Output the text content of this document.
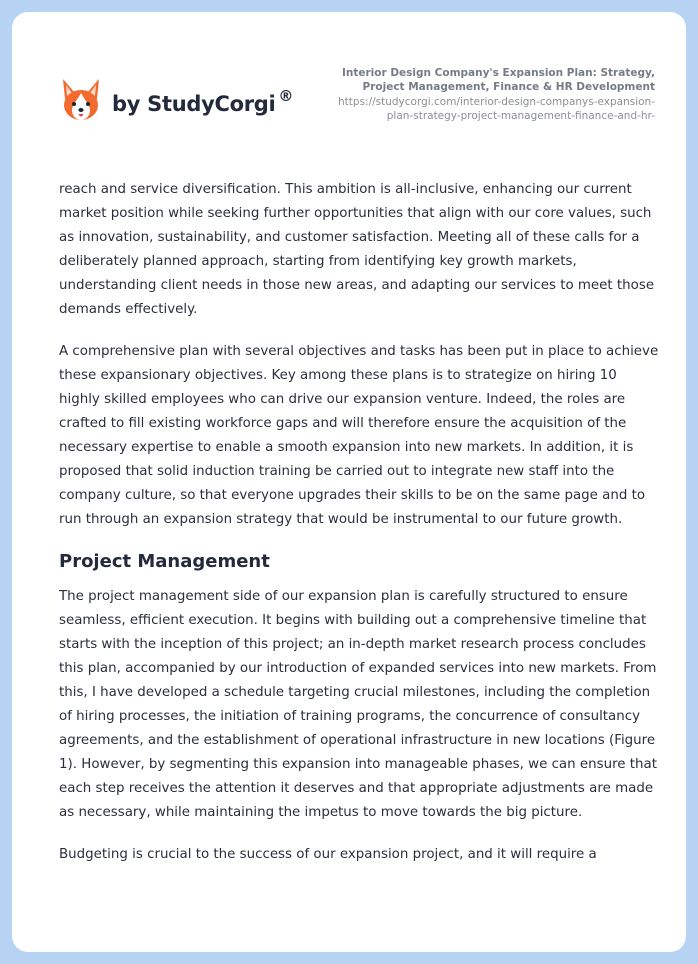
by StudyCorgi ®
Interior Design Company's Expansion Plan: Strategy, Project Management, Finance & HR Development
https://studycorgi.com/interior-design-companys-expansion-plan-strategy-project-management-finance-and-hr-

reach and service diversification. This ambition is all-inclusive, enhancing our current market position while seeking further opportunities that align with our core values, such as innovation, sustainability, and customer satisfaction. Meeting all of these calls for a deliberately planned approach, starting from identifying key growth markets, understanding client needs in those new areas, and adapting our services to meet those demands effectively.

A comprehensive plan with several objectives and tasks has been put in place to achieve these expansionary objectives. Key among these plans is to strategize on hiring 10 highly skilled employees who can drive our expansion venture. Indeed, the roles are crafted to fill existing workforce gaps and will therefore ensure the acquisition of the necessary expertise to enable a smooth expansion into new markets. In addition, it is proposed that solid induction training be carried out to integrate new staff into the company culture, so that everyone upgrades their skills to be on the same page and to run through an expansion strategy that would be instrumental to our future growth.

Project Management

The project management side of our expansion plan is carefully structured to ensure seamless, efficient execution. It begins with building out a comprehensive timeline that starts with the inception of this project; an in-depth market research process concludes this plan, accompanied by our introduction of expanded services into new markets. From this, I have developed a schedule targeting crucial milestones, including the completion of hiring processes, the initiation of training programs, the concurrence of consultancy agreements, and the establishment of operational infrastructure in new locations (Figure 1). However, by segmenting this expansion into manageable phases, we can ensure that each step receives the attention it deserves and that appropriate adjustments are made as necessary, while maintaining the impetus to move towards the big picture.

Budgeting is crucial to the success of our expansion project, and it will require a
